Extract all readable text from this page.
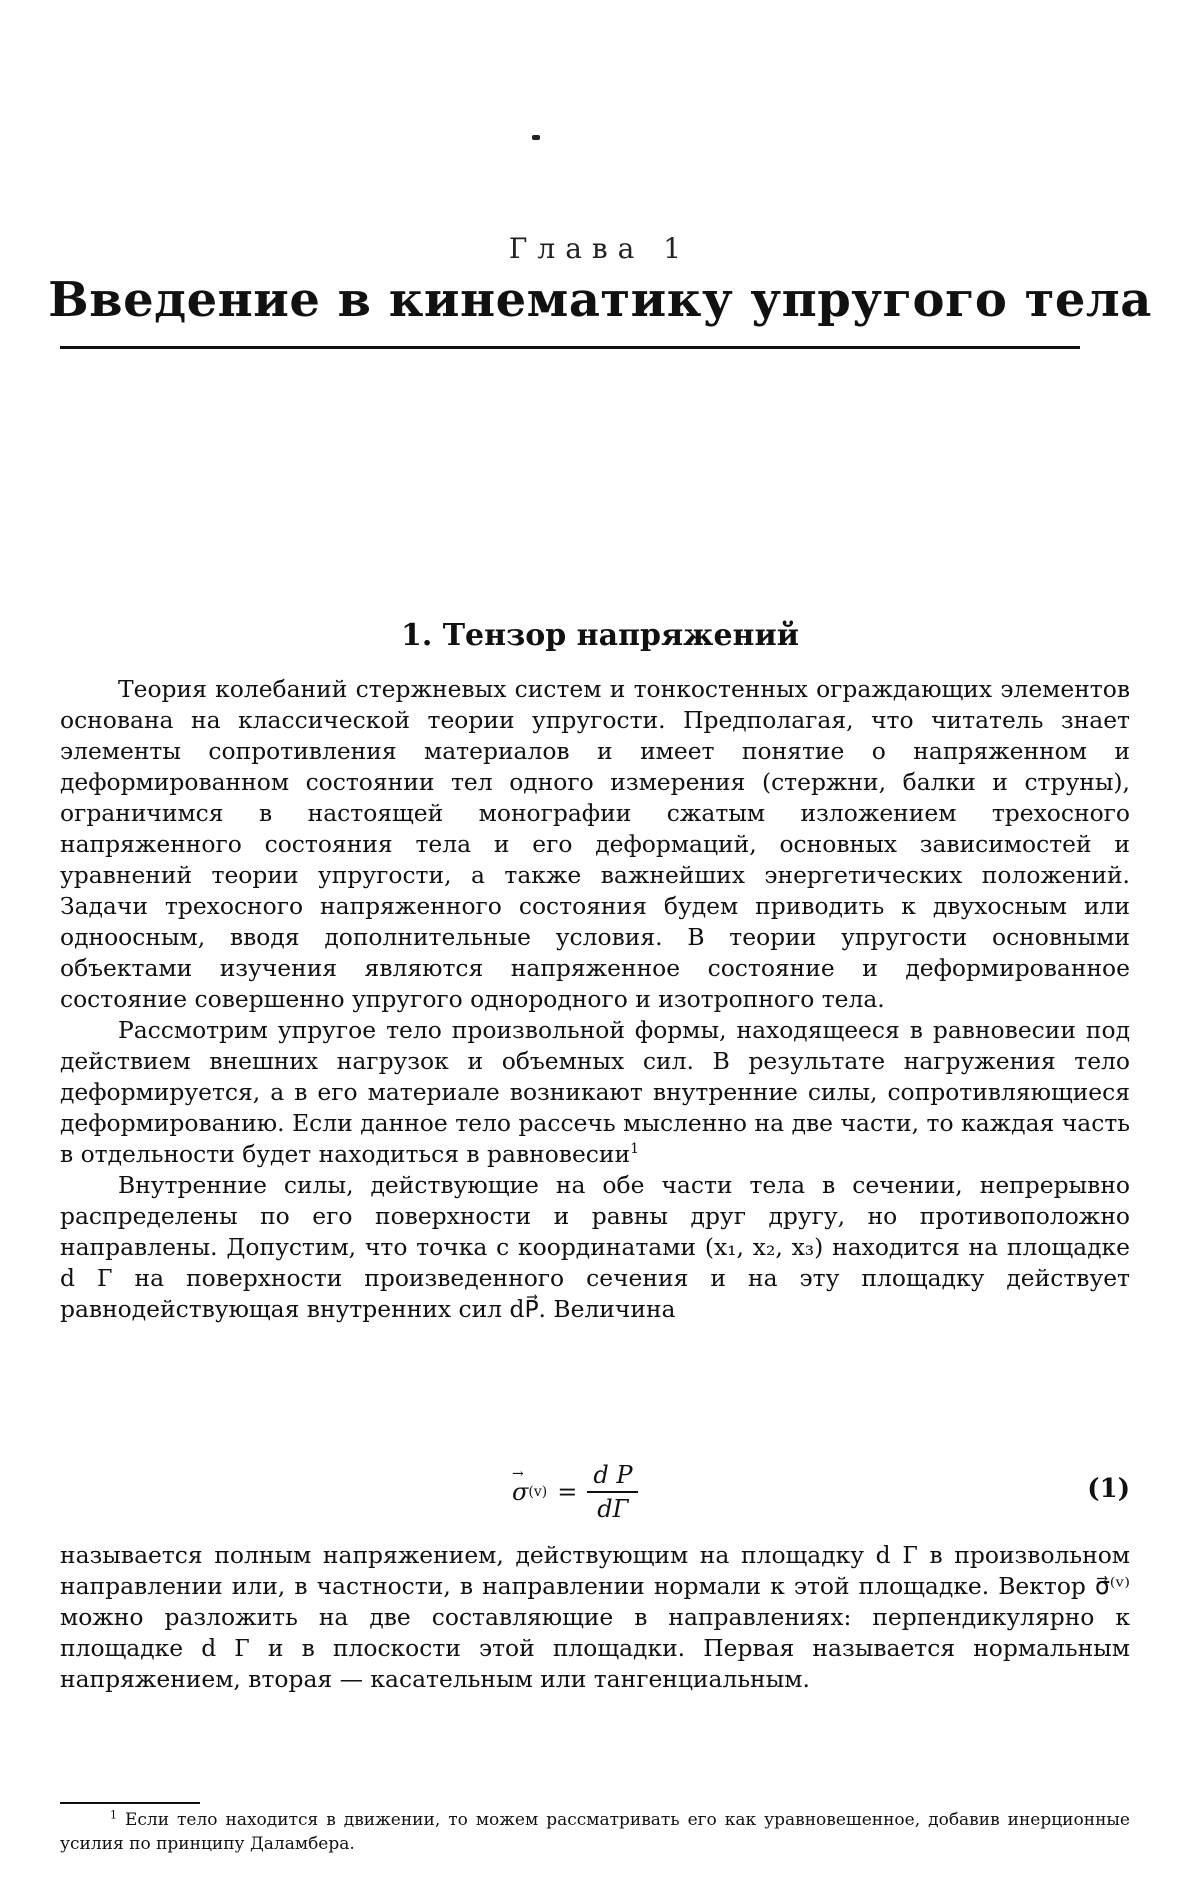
Глава 1
Введение в кинематику упругого тела
1. Тензор напряжений

Теория колебаний стержневых систем и тонкостенных ограждающих элементов основана на классической теории упругости. Предполагая, что читатель знает элементы сопротивления материалов и имеет понятие о напряженном и деформированном состоянии тел одного измерения (стержни, балки и струны), ограничимся в настоящей монографии сжатым изложением трехосного напряженного состояния тела и его деформаций, основных зависимостей и уравнений теории упругости, а также важнейших энергетических положений. Задачи трехосного напряженного состояния будем приводить к двухосным или одноосным, вводя дополнительные условия. В теории упругости основными объектами изучения являются напряженное состояние и деформированное состояние совершенно упругого однородного и изотропного тела.

Рассмотрим упругое тело произвольной формы, находящееся в равновесии под действием внешних нагрузок и объемных сил. В результате нагружения тело деформируется, а в его материале возникают внутренние силы, сопротивляющиеся деформированию. Если данное тело рассечь мысленно на две части, то каждая часть в отдельности будет находиться в равновесии$^1$

Внутренние силы, действующие на обе части тела в сечении, непрерывно распределены по его поверхности и равны друг другу, но противоположно направлены. Допустим, что точка с координатами (x₁, x₂, x₃) находится на площадке d Г на поверхности произведенного сечения и на эту площадку действует равнодействующая внутренних сил dP⃗. Величина

→
σ $(v) = \frac{\text{d P}}{dГ}$	(1)

называется полным напряжением, действующим на площадку d Г в произвольном направлении или, в частности, в направлении нормали к этой площадке. Вектор σ⃗⁽ᵛ⁾ можно разложить на две составляющие в направлениях: перпендикулярно к площадке d Г и в плоскости этой площадки. Первая называется нормальным напряжением, вторая — касательным или тангенциальным.

$^1$ Если тело находится в движении, то можем рассматривать его как уравновешенное, добавив инерционные усилия по принципу Даламбера.
